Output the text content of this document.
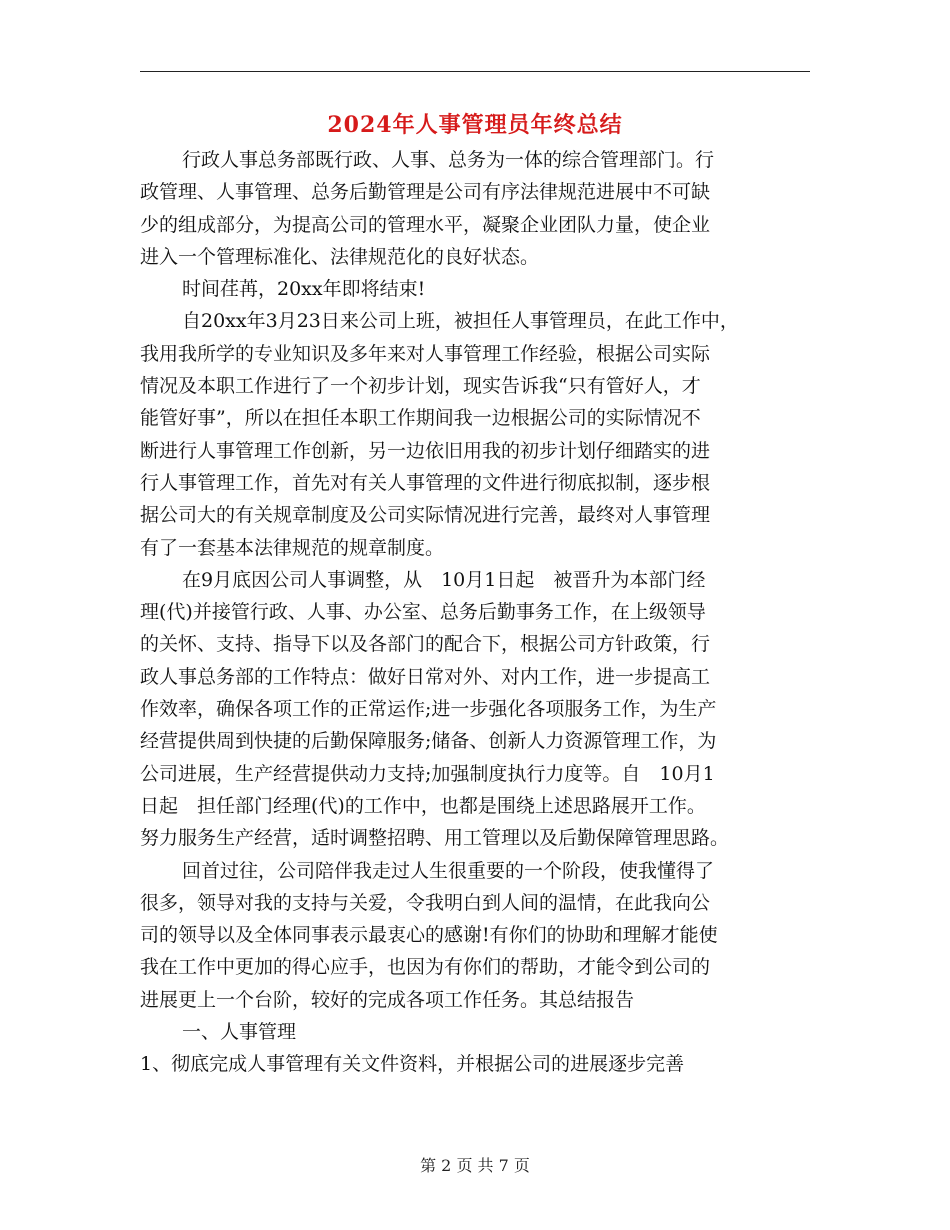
2024年人事管理员年终总结
行政人事总务部既行政、人事、总务为一体的综合管理部门。行
政管理、人事管理、总务后勤管理是公司有序法律规范进展中不可缺
少的组成部分，为提高公司的管理水平，凝聚企业团队力量，使企业
进入一个管理标准化、法律规范化的良好状态。
时间荏苒，20xx年即将结束!
自20xx年3月23日来公司上班，被担任人事管理员，在此工作中，
我用我所学的专业知识及多年来对人事管理工作经验，根据公司实际
情况及本职工作进行了一个初步计划，现实告诉我“只有管好人，才
能管好事”，所以在担任本职工作期间我一边根据公司的实际情况不
断进行人事管理工作创新，另一边依旧用我的初步计划仔细踏实的进
行人事管理工作，首先对有关人事管理的文件进行彻底拟制，逐步根
据公司大的有关规章制度及公司实际情况进行完善，最终对人事管理
有了一套基本法律规范的规章制度。
在9月底因公司人事调整，从　10月1日起　被晋升为本部门经
理(代)并接管行政、人事、办公室、总务后勤事务工作，在上级领导
的关怀、支持、指导下以及各部门的配合下，根据公司方针政策，行
政人事总务部的工作特点：做好日常对外、对内工作，进一步提高工
作效率，确保各项工作的正常运作;进一步强化各项服务工作，为生产
经营提供周到快捷的后勤保障服务;储备、创新人力资源管理工作，为
公司进展，生产经营提供动力支持;加强制度执行力度等。自　10月1
日起　担任部门经理(代)的工作中，也都是围绕上述思路展开工作。
努力服务生产经营，适时调整招聘、用工管理以及后勤保障管理思路。
回首过往，公司陪伴我走过人生很重要的一个阶段，使我懂得了
很多，领导对我的支持与关爱，令我明白到人间的温情，在此我向公
司的领导以及全体同事表示最衷心的感谢!有你们的协助和理解才能使
我在工作中更加的得心应手，也因为有你们的帮助，才能令到公司的
进展更上一个台阶，较好的完成各项工作任务。其总结报告
一、人事管理
1、彻底完成人事管理有关文件资料，并根据公司的进展逐步完善
第 2 页 共 7 页
